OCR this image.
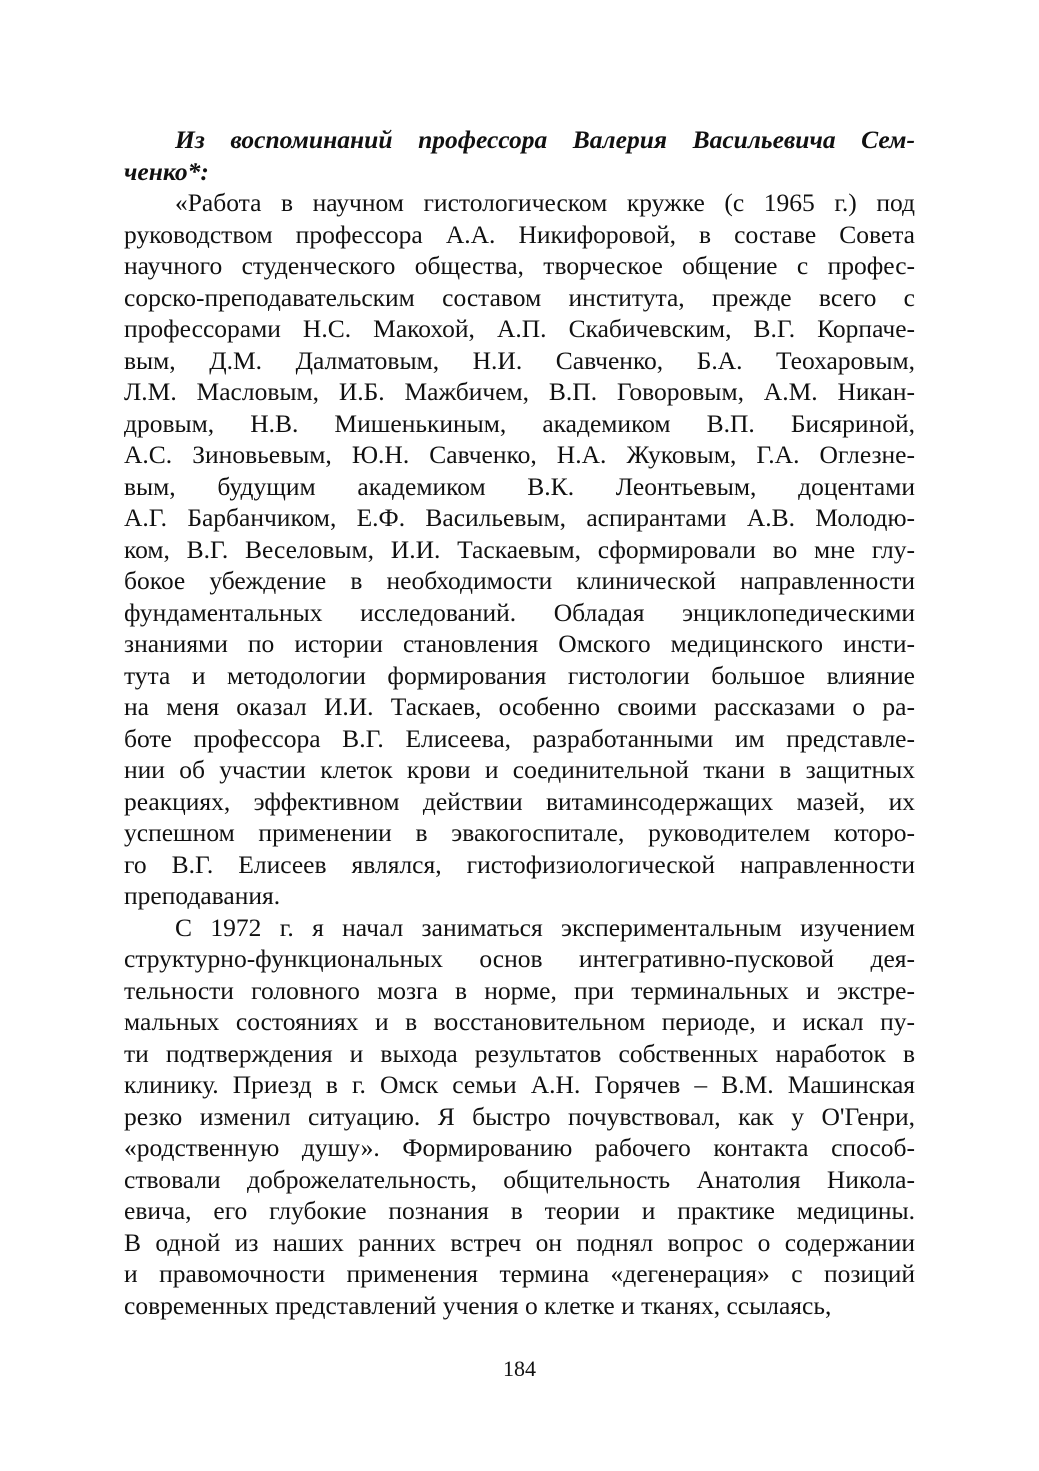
Из воспоминаний профессора Валерия Васильевича Сем-
ченко*:
«Работа в научном гистологическом кружке (с 1965 г.) под
руководством профессора А.А. Никифоровой, в составе Совета
научного студенческого общества, творческое общение с профес-
сорско-преподавательским составом института, прежде всего с
профессорами Н.С. Макохой, А.П. Скабичевским, В.Г. Корпаче-
вым, Д.М. Далматовым, Н.И. Савченко, Б.А. Теохаровым,
Л.М. Масловым, И.Б. Мажбичем, В.П. Говоровым, А.М. Никан-
дровым, Н.В. Мишенькиным, академиком В.П. Бисяриной,
А.С. Зиновьевым, Ю.Н. Савченко, Н.А. Жуковым, Г.А. Оглезне-
вым, будущим академиком В.К. Леонтьевым, доцентами
А.Г. Барбанчиком, Е.Ф. Васильевым, аспирантами А.В. Молодю-
ком, В.Г. Веселовым, И.И. Таскаевым, сформировали во мне глу-
бокое убеждение в необходимости клинической направленности
фундаментальных исследований. Обладая энциклопедическими
знаниями по истории становления Омского медицинского инсти-
тута и методологии формирования гистологии большое влияние
на меня оказал И.И. Таскаев, особенно своими рассказами о ра-
боте профессора В.Г. Елисеева, разработанными им представле-
нии об участии клеток крови и соединительной ткани в защитных
реакциях, эффективном действии витаминсодержащих мазей, их
успешном применении в эвакогоспитале, руководителем которо-
го В.Г. Елисеев являлся, гистофизиологической направленности
преподавания.
С 1972 г. я начал заниматься экспериментальным изучением
структурно-функциональных основ интегративно-пусковой дея-
тельности головного мозга в норме, при терминальных и экстре-
мальных состояниях и в восстановительном периоде, и искал пу-
ти подтверждения и выхода результатов собственных наработок в
клинику. Приезд в г. Омск семьи А.Н. Горячев – В.М. Машинская
резко изменил ситуацию. Я быстро почувствовал, как у О'Генри,
«родственную душу». Формированию рабочего контакта способ-
ствовали доброжелательность, общительность Анатолия Никола-
евича, его глубокие познания в теории и практике медицины.
В одной из наших ранних встреч он поднял вопрос о содержании
и правомочности применения термина «дегенерация» с позиций
современных представлений учения о клетке и тканях, ссылаясь,
184
